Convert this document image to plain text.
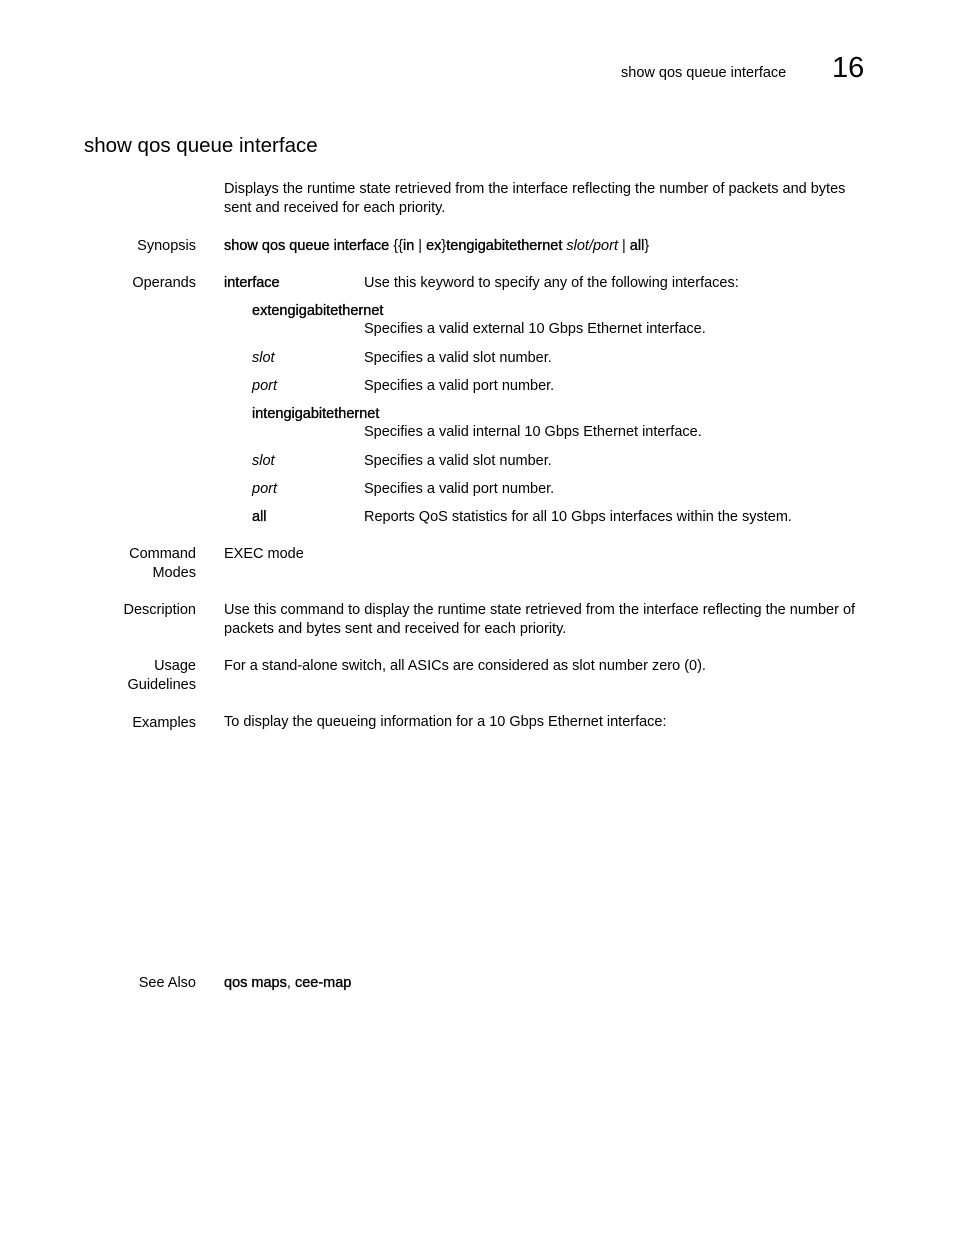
show qos queue interface 16
show qos queue interface
Displays the runtime state retrieved from the interface reflecting the number of packets and bytes sent and received for each priority.
Synopsis show qos queue interface {{in | ex}tengigabitethernet slot/port | all}
Operands interface	Use this keyword to specify any of the following interfaces:
extengigabitethernet
Specifies a valid external 10 Gbps Ethernet interface.
slot	Specifies a valid slot number.
port	Specifies a valid port number.
intengigabitethernet
Specifies a valid internal 10 Gbps Ethernet interface.
slot	Specifies a valid slot number.
port	Specifies a valid port number.
all	Reports QoS statistics for all 10 Gbps interfaces within the system.
Command
Modes
EXEC mode
Description Use this command to display the runtime state retrieved from the interface reflecting the number of packets and bytes sent and received for each priority.
Usage
Guidelines
For a stand-alone switch, all ASICs are considered as slot number zero (0).
Examples To display the queueing information for a 10 Gbps Ethernet interface:
See Also qos maps, cee-map
